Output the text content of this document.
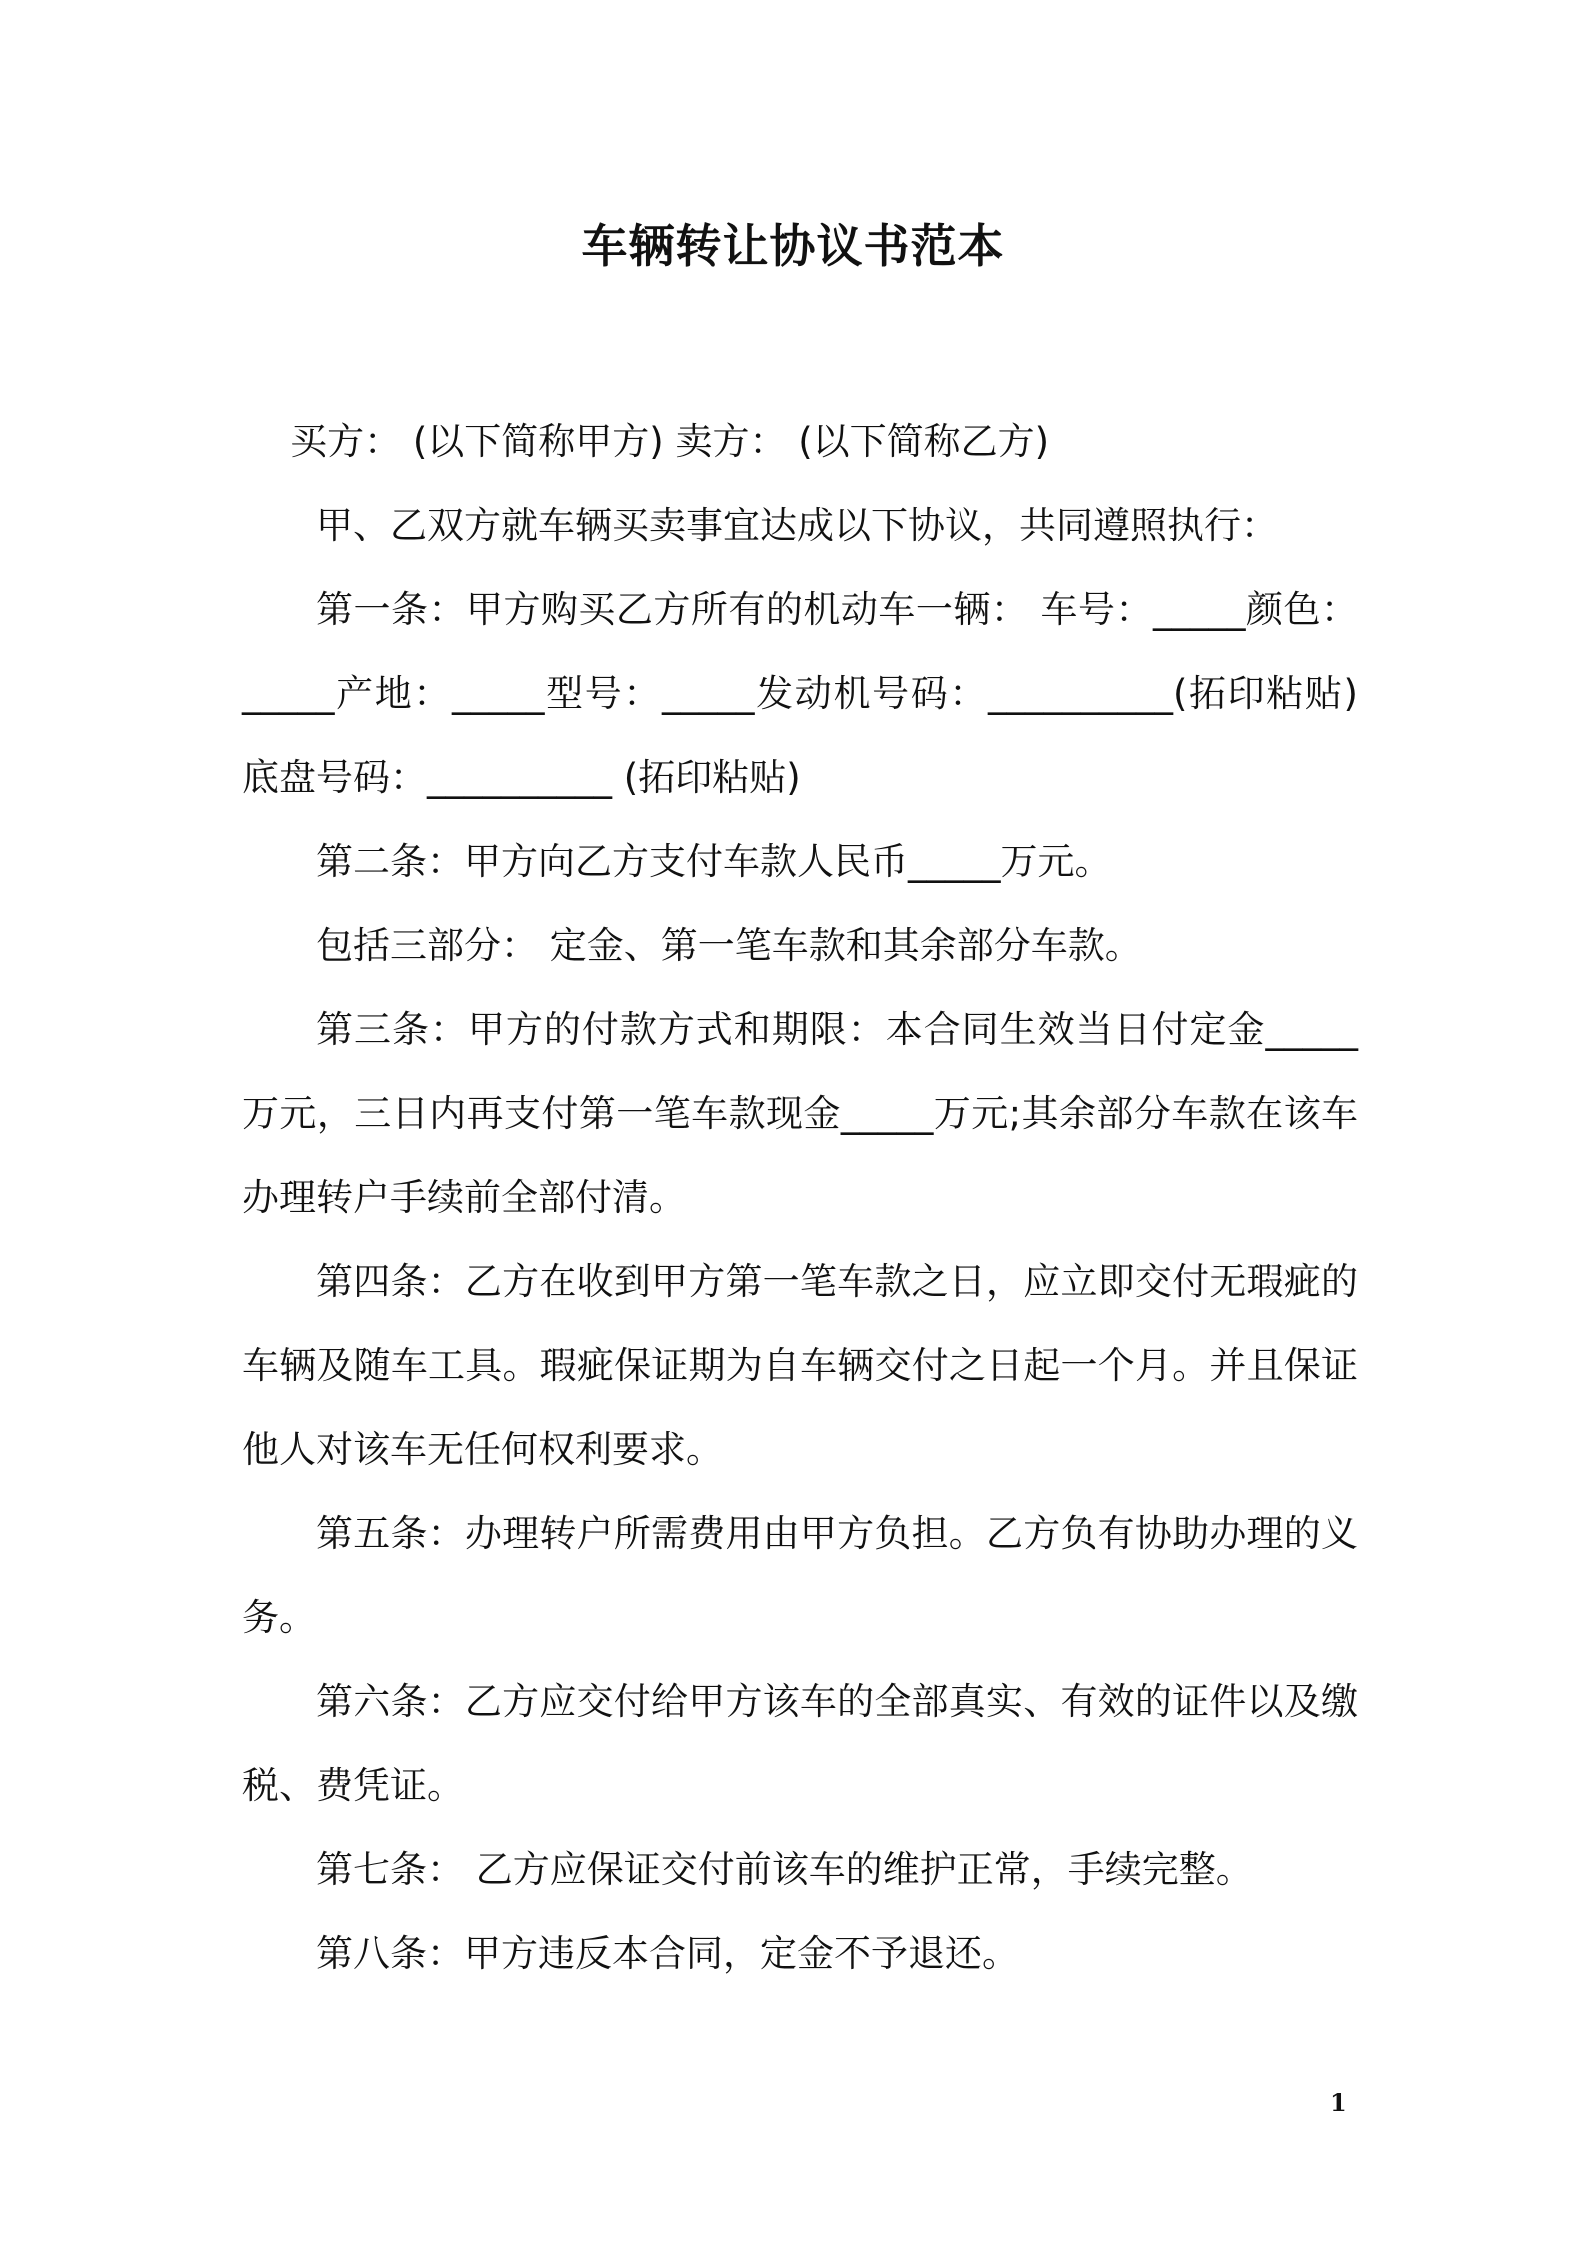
车辆转让协议书范本

买方： (以下简称甲方) 卖方： (以下简称乙方)

甲、乙双方就车辆买卖事宜达成以下协议，共同遵照执行：

第一条：甲方购买乙方所有的机动车一辆： 车号：_____颜色：_____产地：_____型号：_____发动机号码：__________(拓印粘贴) 底盘号码：__________ (拓印粘贴)

第二条：甲方向乙方支付车款人民币_____万元。

包括三部分： 定金、第一笔车款和其余部分车款。

第三条：甲方的付款方式和期限：本合同生效当日付定金_____万元，三日内再支付第一笔车款现金_____万元;其余部分车款在该车办理转户手续前全部付清。

第四条：乙方在收到甲方第一笔车款之日，应立即交付无瑕疵的车辆及随车工具。瑕疵保证期为自车辆交付之日起一个月。并且保证他人对该车无任何权利要求。

第五条：办理转户所需费用由甲方负担。乙方负有协助办理的义务。

第六条：乙方应交付给甲方该车的全部真实、有效的证件以及缴税、费凭证。

第七条： 乙方应保证交付前该车的维护正常，手续完整。

第八条：甲方违反本合同，定金不予退还。

1
